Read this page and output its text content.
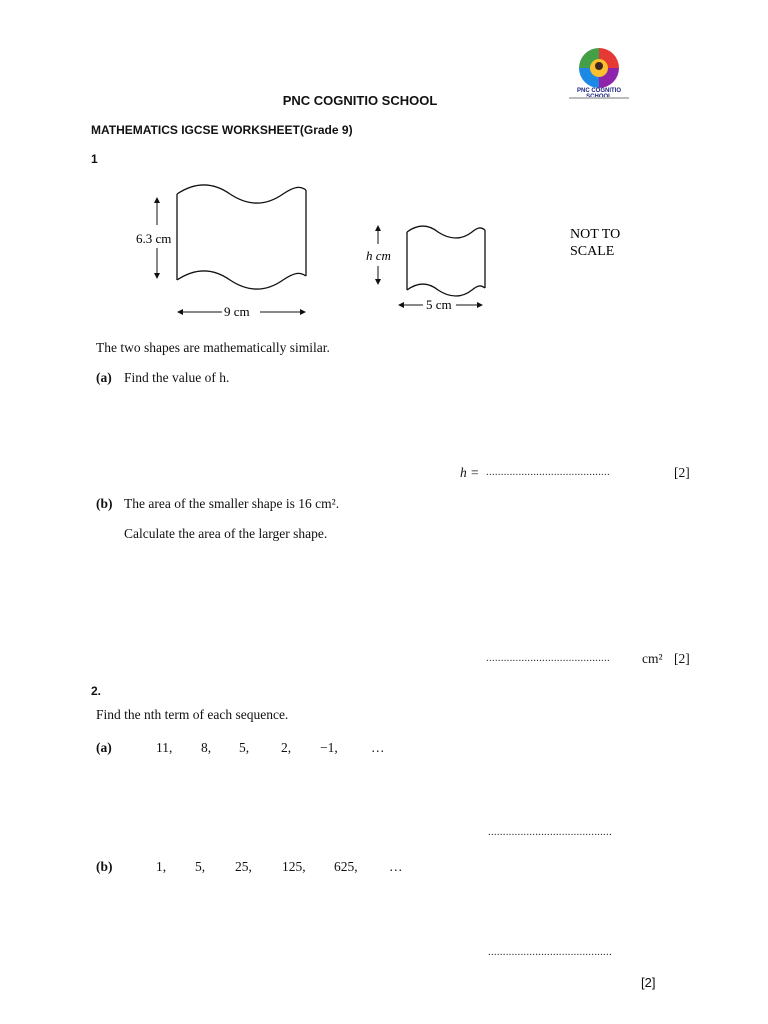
PNC COGNITIO
PNC COGNITIO SCHOOL
MATHEMATICS IGCSE WORKSHEET(Grade 9)
1
6.3 cm
9 cm
h cm
5 cm
NOT TO
SCALE
The two shapes are mathematically similar.
(a) Find the value of h.
h = ..........................................	[2]
(b) The area of the smaller shape is 16 cm².
Calculate the area of the larger shape.
.......................................... cm² [2]
2.
Find the nth term of each sequence.
(a)	11, 8, 5, 2, −1, …
..........................................
(b)	1, 5, 25, 125, 625, …
..........................................
[2]
